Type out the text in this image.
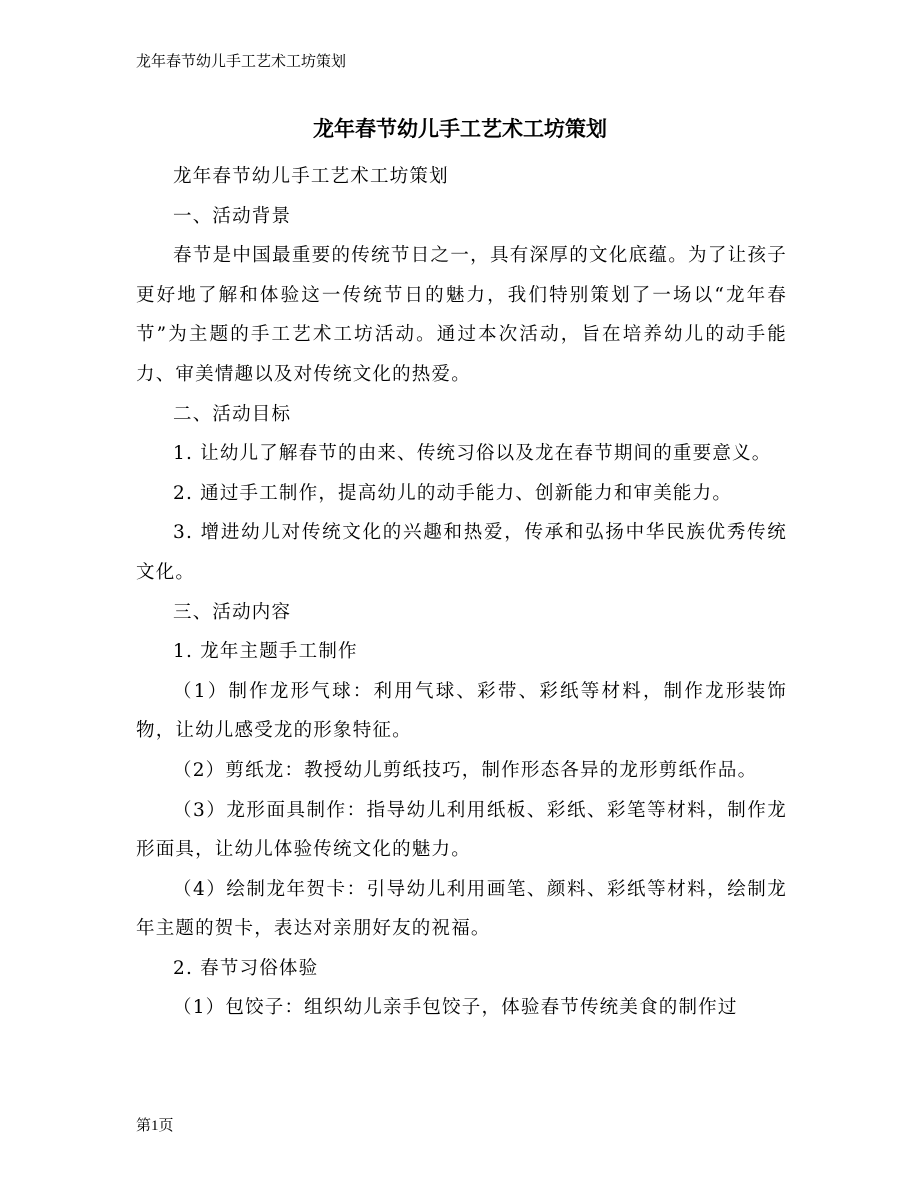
龙年春节幼儿手工艺术工坊策划
龙年春节幼儿手工艺术工坊策划

龙年春节幼儿手工艺术工坊策划

一、活动背景

春节是中国最重要的传统节日之一，具有深厚的文化底蕴。为了让孩子更好地了解和体验这一传统节日的魅力，我们特别策划了一场以“龙年春节”为主题的手工艺术工坊活动。通过本次活动，旨在培养幼儿的动手能力、审美情趣以及对传统文化的热爱。

二、活动目标

1. 让幼儿了解春节的由来、传统习俗以及龙在春节期间的重要意义。

2. 通过手工制作，提高幼儿的动手能力、创新能力和审美能力。

3. 增进幼儿对传统文化的兴趣和热爱，传承和弘扬中华民族优秀传统文化。

三、活动内容

1. 龙年主题手工制作

（1）制作龙形气球：利用气球、彩带、彩纸等材料，制作龙形装饰物，让幼儿感受龙的形象特征。

（2）剪纸龙：教授幼儿剪纸技巧，制作形态各异的龙形剪纸作品。

（3）龙形面具制作：指导幼儿利用纸板、彩纸、彩笔等材料，制作龙形面具，让幼儿体验传统文化的魅力。

（4）绘制龙年贺卡：引导幼儿利用画笔、颜料、彩纸等材料，绘制龙年主题的贺卡，表达对亲朋好友的祝福。

2. 春节习俗体验

（1）包饺子：组织幼儿亲手包饺子，体验春节传统美食的制作过

第1页
